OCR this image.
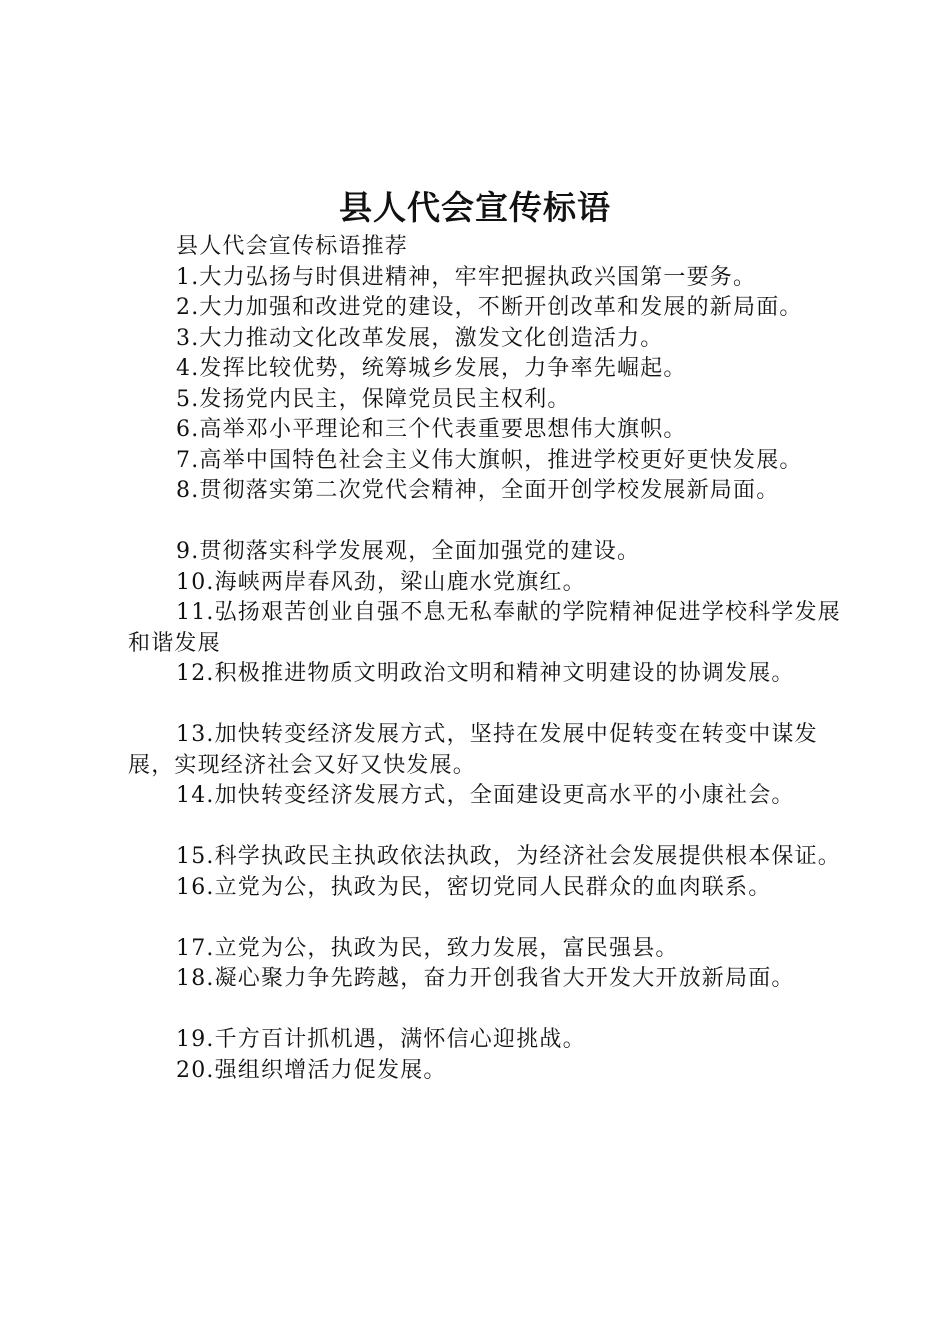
县人代会宣传标语

县人代会宣传标语推荐

1.大力弘扬与时俱进精神，牢牢把握执政兴国第一要务。

2.大力加强和改进党的建设，不断开创改革和发展的新局面。

3.大力推动文化改革发展，激发文化创造活力。

4.发挥比较优势，统筹城乡发展，力争率先崛起。

5.发扬党内民主，保障党员民主权利。

6.高举邓小平理论和三个代表重要思想伟大旗帜。

7.高举中国特色社会主义伟大旗帜，推进学校更好更快发展。

8.贯彻落实第二次党代会精神，全面开创学校发展新局面。

9.贯彻落实科学发展观，全面加强党的建设。

10.海峡两岸春风劲，梁山鹿水党旗红。

11.弘扬艰苦创业自强不息无私奉献的学院精神促进学校科学发展和谐发展

12.积极推进物质文明政治文明和精神文明建设的协调发展。

13.加快转变经济发展方式，坚持在发展中促转变在转变中谋发展，实现经济社会又好又快发展。

14.加快转变经济发展方式，全面建设更高水平的小康社会。

15.科学执政民主执政依法执政，为经济社会发展提供根本保证。

16.立党为公，执政为民，密切党同人民群众的血肉联系。

17.立党为公，执政为民，致力发展，富民强县。

18.凝心聚力争先跨越，奋力开创我省大开发大开放新局面。

19.千方百计抓机遇，满怀信心迎挑战。

20.强组织增活力促发展。
